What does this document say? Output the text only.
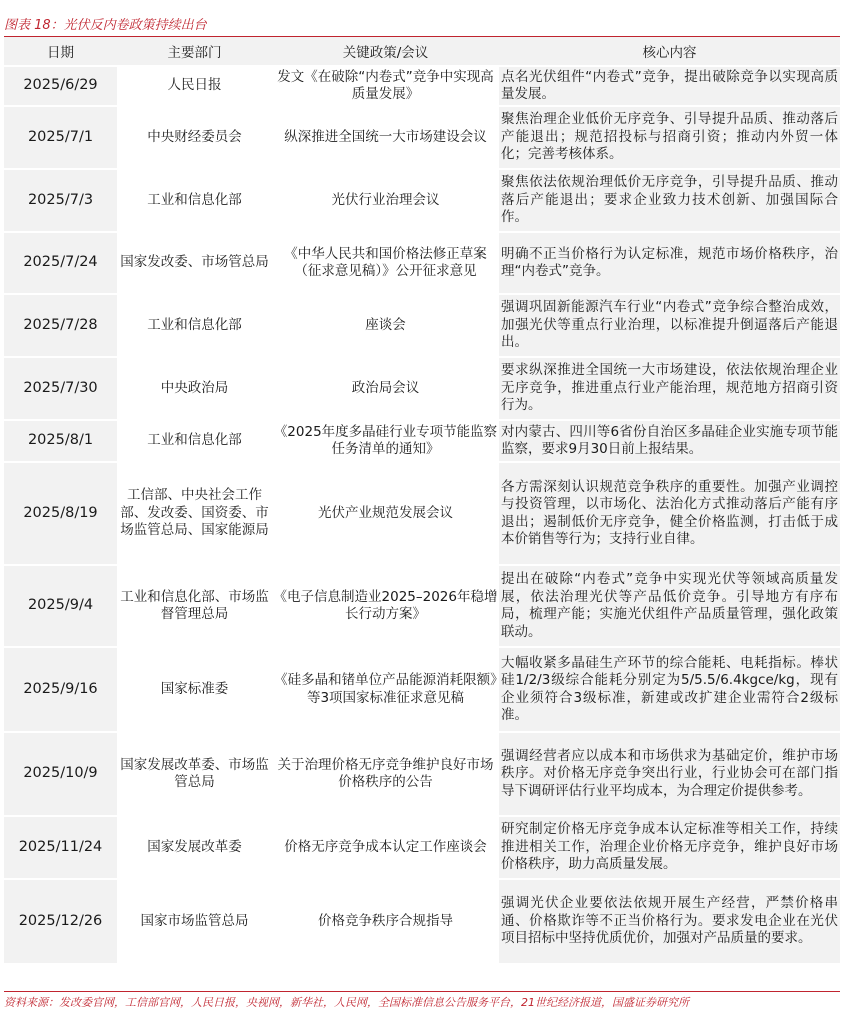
图表 18：光伏反内卷政策持续出台
日期	主要部门	关键政策/会议	核心内容
2025/6/29	人民日报	发文《在破除“内卷式”竞争中实现高质量发展》	点名光伏组件“内卷式”竞争，提出破除竞争以实现高质量发展。
2025/7/1	中央财经委员会	纵深推进全国统一大市场建设会议	聚焦治理企业低价无序竞争、引导提升品质、推动落后产能退出；规范招投标与招商引资；推动内外贸一体化；完善考核体系。
2025/7/3	工业和信息化部	光伏行业治理会议	聚焦依法依规治理低价无序竞争，引导提升品质、推动落后产能退出；要求企业致力技术创新、加强国际合作。
2025/7/24	国家发改委、市场管总局	《中华人民共和国价格法修正草案（征求意见稿）》公开征求意见	明确不正当价格行为认定标准，规范市场价格秩序，治理“内卷式”竞争。
2025/7/28	工业和信息化部	座谈会	强调巩固新能源汽车行业“内卷式”竞争综合整治成效，加强光伏等重点行业治理，以标准提升倒逼落后产能退出。
2025/7/30	中央政治局	政治局会议	要求纵深推进全国统一大市场建设，依法依规治理企业无序竞争，推进重点行业产能治理，规范地方招商引资行为。
2025/8/1	工业和信息化部	《2025年度多晶硅行业专项节能监察任务清单的通知》	对内蒙古、四川等6省份自治区多晶硅企业实施专项节能监察，要求9月30日前上报结果。
2025/8/19	工信部、中央社会工作部、发改委、国资委、市场监管总局、国家能源局	光伏产业规范发展会议	各方需深刻认识规范竞争秩序的重要性。加强产业调控与投资管理，以市场化、法治化方式推动落后产能有序退出；遏制低价无序竞争，健全价格监测，打击低于成本价销售等行为；支持行业自律。
2025/9/4	工业和信息化部、市场监督管理总局	《电子信息制造业2025–2026年稳增长行动方案》	提出在破除“内卷式”竞争中实现光伏等领域高质量发展，依法治理光伏等产品低价竞争。引导地方有序布局，梳理产能；实施光伏组件产品质量管理，强化政策联动。
2025/9/16	国家标准委	《硅多晶和锗单位产品能源消耗限额》等3项国家标准征求意见稿	大幅收紧多晶硅生产环节的综合能耗、电耗指标。棒状硅1/2/3级综合能耗分别定为5/5.5/6.4kgce/kg，现有企业须符合3级标准，新建或改扩建企业需符合2级标准。
2025/10/9	国家发展改革委、市场监管总局	关于治理价格无序竞争维护良好市场价格秩序的公告	强调经营者应以成本和市场供求为基础定价，维护市场秩序。对价格无序竞争突出行业，行业协会可在部门指导下调研评估行业平均成本，为合理定价提供参考。
2025/11/24	国家发展改革委	价格无序竞争成本认定工作座谈会	研究制定价格无序竞争成本认定标准等相关工作，持续推进相关工作，治理企业价格无序竞争，维护良好市场价格秩序，助力高质量发展。
2025/12/26	国家市场监管总局	价格竞争秩序合规指导	强调光伏企业要依法依规开展生产经营，严禁价格串通、价格欺诈等不正当价格行为。要求发电企业在光伏项目招标中坚持优质优价，加强对产品质量的要求。
资料来源：发改委官网，工信部官网，人民日报，央视网，新华社，人民网，全国标准信息公告服务平台，21世纪经济报道，国盛证券研究所
